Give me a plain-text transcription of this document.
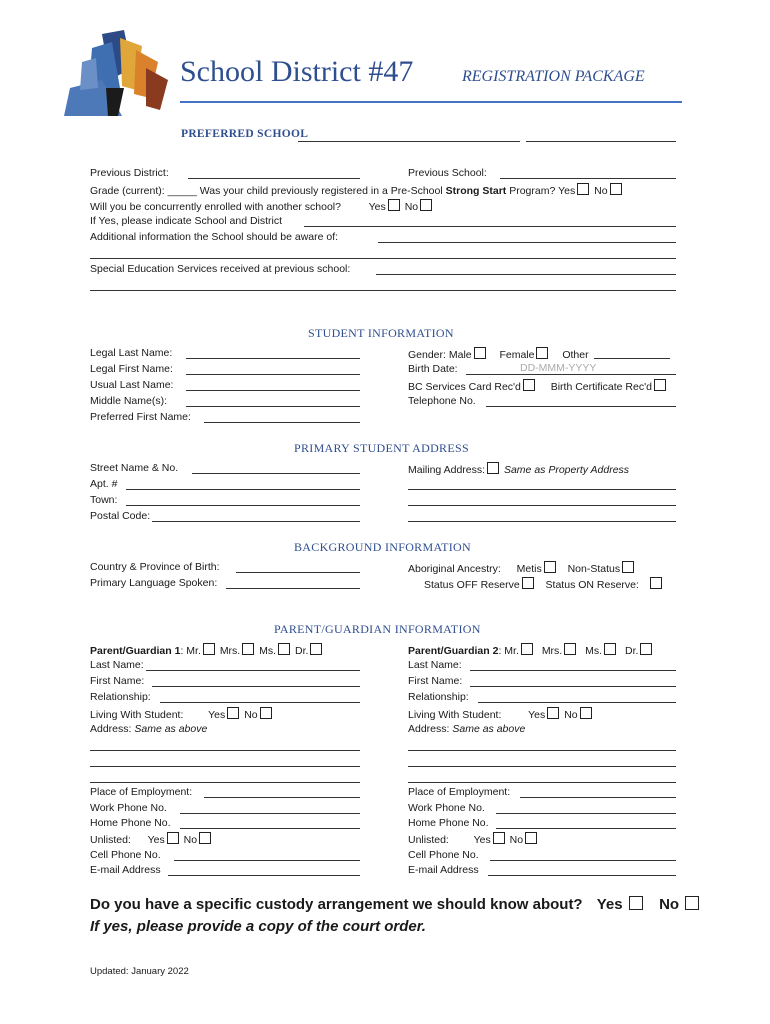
School District #47	REGISTRATION PACKAGE
PREFERRED SCHOOL
Previous District:	Previous School:
Grade (current): _____ Was your child previously registered in a Pre-School Strong Start Program? Yes No
Will you be concurrently enrolled with another school?	Yes No
If Yes, please indicate School and District
Additional information the School should be aware of:
Special Education Services received at previous school:
STUDENT INFORMATION
Legal Last Name:
Legal First Name:
Usual Last Name:
Middle Name(s):
Preferred First Name:
Gender: Male	Female	Other
Birth Date:	DD-MMM-YYYY
BC Services Card Rec'd	Birth Certificate Rec'd
Telephone No.
PRIMARY STUDENT ADDRESS
Street Name & No.
Apt. #
Town:
Postal Code:
Mailing Address: Same as Property Address
BACKGROUND INFORMATION
Country & Province of Birth:
Primary Language Spoken:
Aboriginal Ancestry: Metis Non-Status
Status OFF Reserve Status ON Reserve:
PARENT/GUARDIAN INFORMATION
Parent/Guardian 1: Mr. Mrs. Ms. Dr.
Last Name:
First Name:
Relationship:
Living With Student: Yes No
Address: Same as above
Place of Employment:
Work Phone No.
Home Phone No.
Unlisted: Yes No
Cell Phone No.
E-mail Address
Parent/Guardian 2: Mr. Mrs. Ms. Dr.
Last Name:
First Name:
Relationship:
Living With Student:	Yes No
Address: Same as above
Place of Employment:
Work Phone No.
Home Phone No.
Unlisted: Yes No
Cell Phone No.
E-mail Address
Do you have a specific custody arrangement we should know about? Yes No
If yes, please provide a copy of the court order.
Updated: January 2022
